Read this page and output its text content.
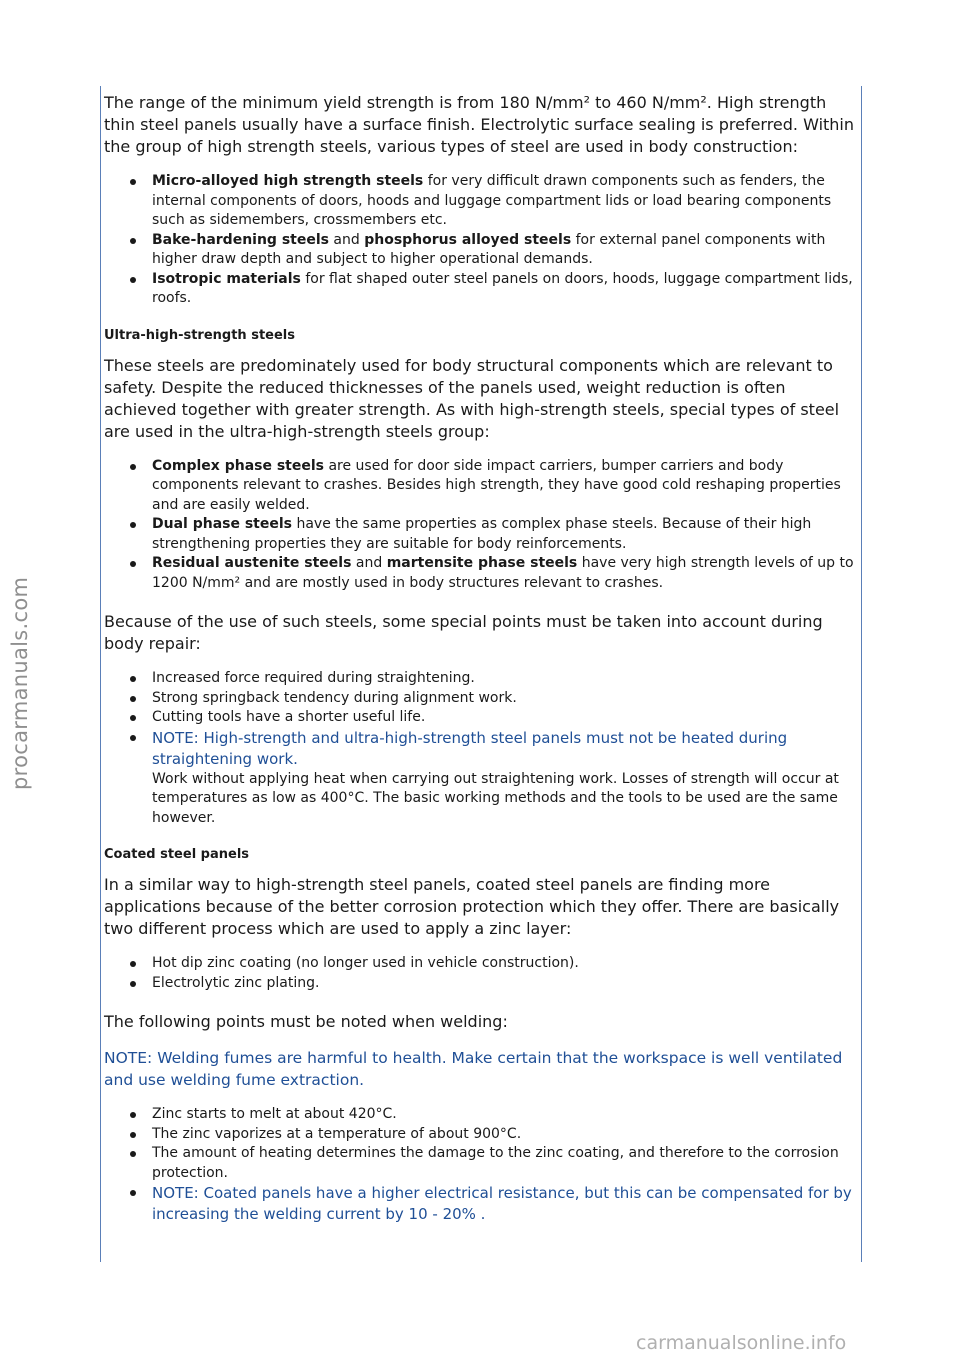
The range of the minimum yield strength is from 180 N/mm² to 460 N/mm². High strength thin steel panels usually have a surface finish. Electrolytic surface sealing is preferred. Within the group of high strength steels, various types of steel are used in body construction:

Micro-alloyed high strength steels for very difficult drawn components such as fenders, the internal components of doors, hoods and luggage compartment lids or load bearing components such as sidemembers, crossmembers etc.
Bake-hardening steels and phosphorus alloyed steels for external panel components with higher draw depth and subject to higher operational demands.
Isotropic materials for flat shaped outer steel panels on doors, hoods, luggage compartment lids, roofs.
Ultra-high-strength steels

These steels are predominately used for body structural components which are relevant to safety. Despite the reduced thicknesses of the panels used, weight reduction is often achieved together with greater strength. As with high-strength steels, special types of steel are used in the ultra-high-strength steels group:

Complex phase steels are used for door side impact carriers, bumper carriers and body components relevant to crashes. Besides high strength, they have good cold reshaping properties and are easily welded.
Dual phase steels have the same properties as complex phase steels. Because of their high strengthening properties they are suitable for body reinforcements.
Residual austenite steels and martensite phase steels have very high strength levels of up to 1200 N/mm² and are mostly used in body structures relevant to crashes.

Because of the use of such steels, some special points must be taken into account during body repair:

Increased force required during straightening.
Strong springback tendency during alignment work.
Cutting tools have a shorter useful life.
NOTE: High-strength and ultra-high-strength steel panels must not be heated during straightening work.
Work without applying heat when carrying out straightening work. Losses of strength will occur at temperatures as low as 400°C. The basic working methods and the tools to be used are the same however.
Coated steel panels

In a similar way to high-strength steel panels, coated steel panels are finding more applications because of the better corrosion protection which they offer. There are basically two different process which are used to apply a zinc layer:

Hot dip zinc coating (no longer used in vehicle construction).
Electrolytic zinc plating.

The following points must be noted when welding:

NOTE: Welding fumes are harmful to health. Make certain that the workspace is well ventilated and use welding fume extraction.

Zinc starts to melt at about 420°C.
The zinc vaporizes at a temperature of about 900°C.
The amount of heating determines the damage to the zinc coating, and therefore to the corrosion protection.
NOTE: Coated panels have a higher electrical resistance, but this can be compensated for by increasing the welding current by 10 - 20% .
procarmanuals.com
carmanualsonline.info
